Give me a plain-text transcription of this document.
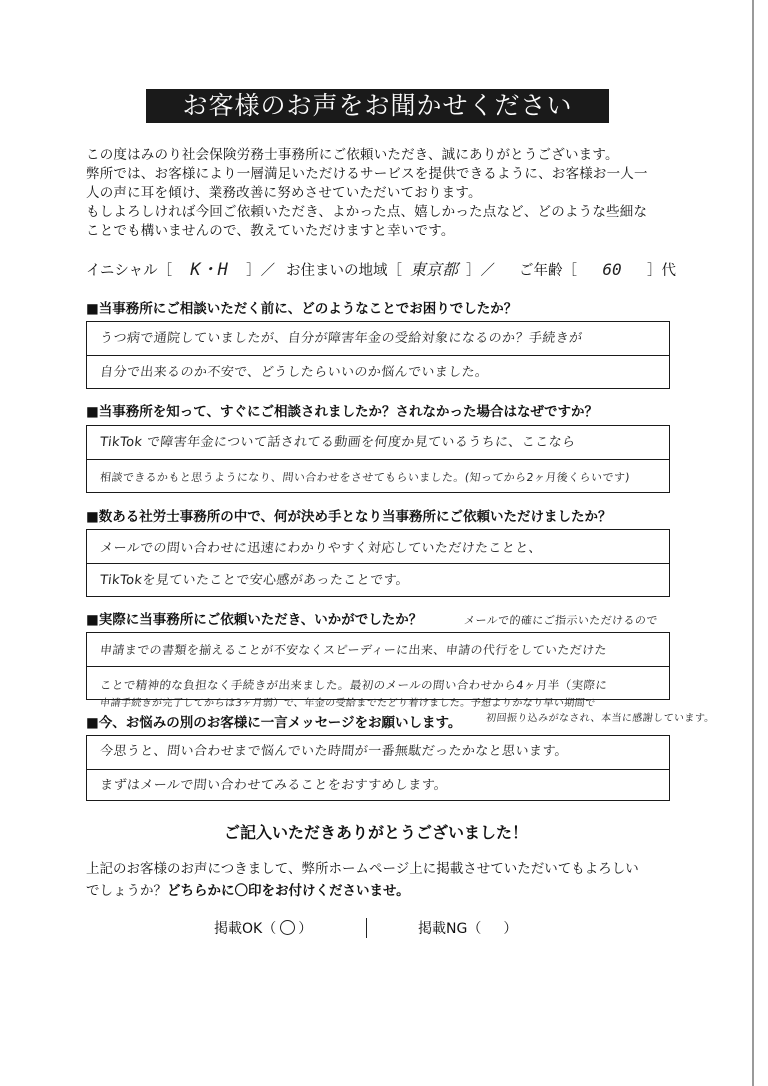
お客様のお声をお聞かせください
この度はみのり社会保険労務士事務所にご依頼いただき、誠にありがとうございます。
弊所では、お客様により一層満足いただけるサービスを提供できるように、お客様お一人一
人の声に耳を傾け、業務改善に努めさせていただいております。
もしよろしければ今回ご依頼いただき、よかった点、嬉しかった点など、どのような些細な
ことでも構いませんので、教えていただけますと幸いです。
イニシャル［ K・H ］／ お住まいの地域［ 東京都 ］／ ご年齢［ 60 ］代
■当事務所にご相談いただく前に、どのようなことでお困りでしたか？
うつ病で通院していましたが、自分が障害年金の受給対象になるのか？手続きが
自分で出来るのか不安で、どうしたらいいのか悩んでいました。
■当事務所を知って、すぐにご相談されましたか？されなかった場合はなぜですか？
TikTok で障害年金について話されてる動画を何度か見ているうちに、ここなら
相談できるかもと思うようになり、問い合わせをさせてもらいました。(知ってから2ヶ月後くらいです)
■数ある社労士事務所の中で、何が決め手となり当事務所にご依頼いただけましたか？
メールでの問い合わせに迅速にわかりやすく対応していただけたことと、
TikTokを見ていたことで安心感があったことです。
■実際に当事務所にご依頼いただき、いかがでしたか？	メールで的確にご指示いただけるので
申請までの書類を揃えることが不安なくスピーディーに出来、申請の代行をしていただけた
ことで精神的な負担なく手続きが出来ました。最初のメールの問い合わせから4ヶ月半（実際に
申請手続きが完了してからは3ヶ月弱）で、年金の受給までたどり着けました。予想よりかなり早い期間で
初回振り込みがなされ、本当に感謝しています。
■今、お悩みの別のお客様に一言メッセージをお願いします。
今思うと、問い合わせまで悩んでいた時間が一番無駄だったかなと思います。
まずはメールで問い合わせてみることをおすすめします。
ご記入いただきありがとうございました！
上記のお客様のお声につきまして、弊所ホームページ上に掲載させていただいてもよろしい
でしょうか？どちらかに〇印をお付けくださいませ。
掲載OK（ ）	掲載NG（ ）
